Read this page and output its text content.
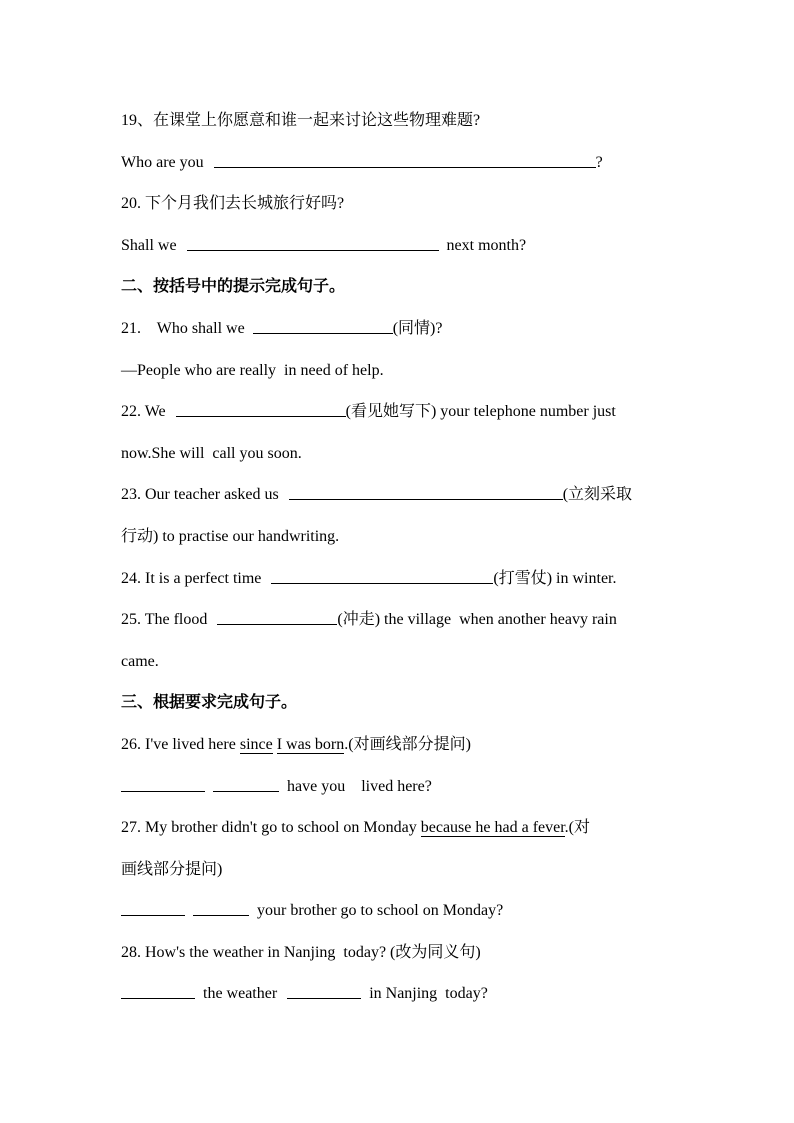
19、在课堂上你愿意和谁一起来讨论这些物理难题?
Who are you	?
20. 下个月我们去长城旅行好吗?
Shall we	next month?
二、按括号中的提示完成句子。
21.    Who shall we	(同情)?
—People who are really  in need of help.
22. We	(看见她写下) your telephone number just
now.She will  call you soon.
23. Our teacher asked us	(立刻采取
行动) to practise our handwriting.
24. It is a perfect time	(打雪仗) in winter.
25. The flood	(冲走) the village  when another heavy rain
came.
三、根据要求完成句子。
26. I've lived here since I was born.(对画线部分提问)
have you    lived here?
27. My brother didn't go to school on Monday because he had a fever.(对
画线部分提问)
your brother go to school on Monday?
28. How's the weather in Nanjing  today? (改为同义句)
the weather	in Nanjing  today?
